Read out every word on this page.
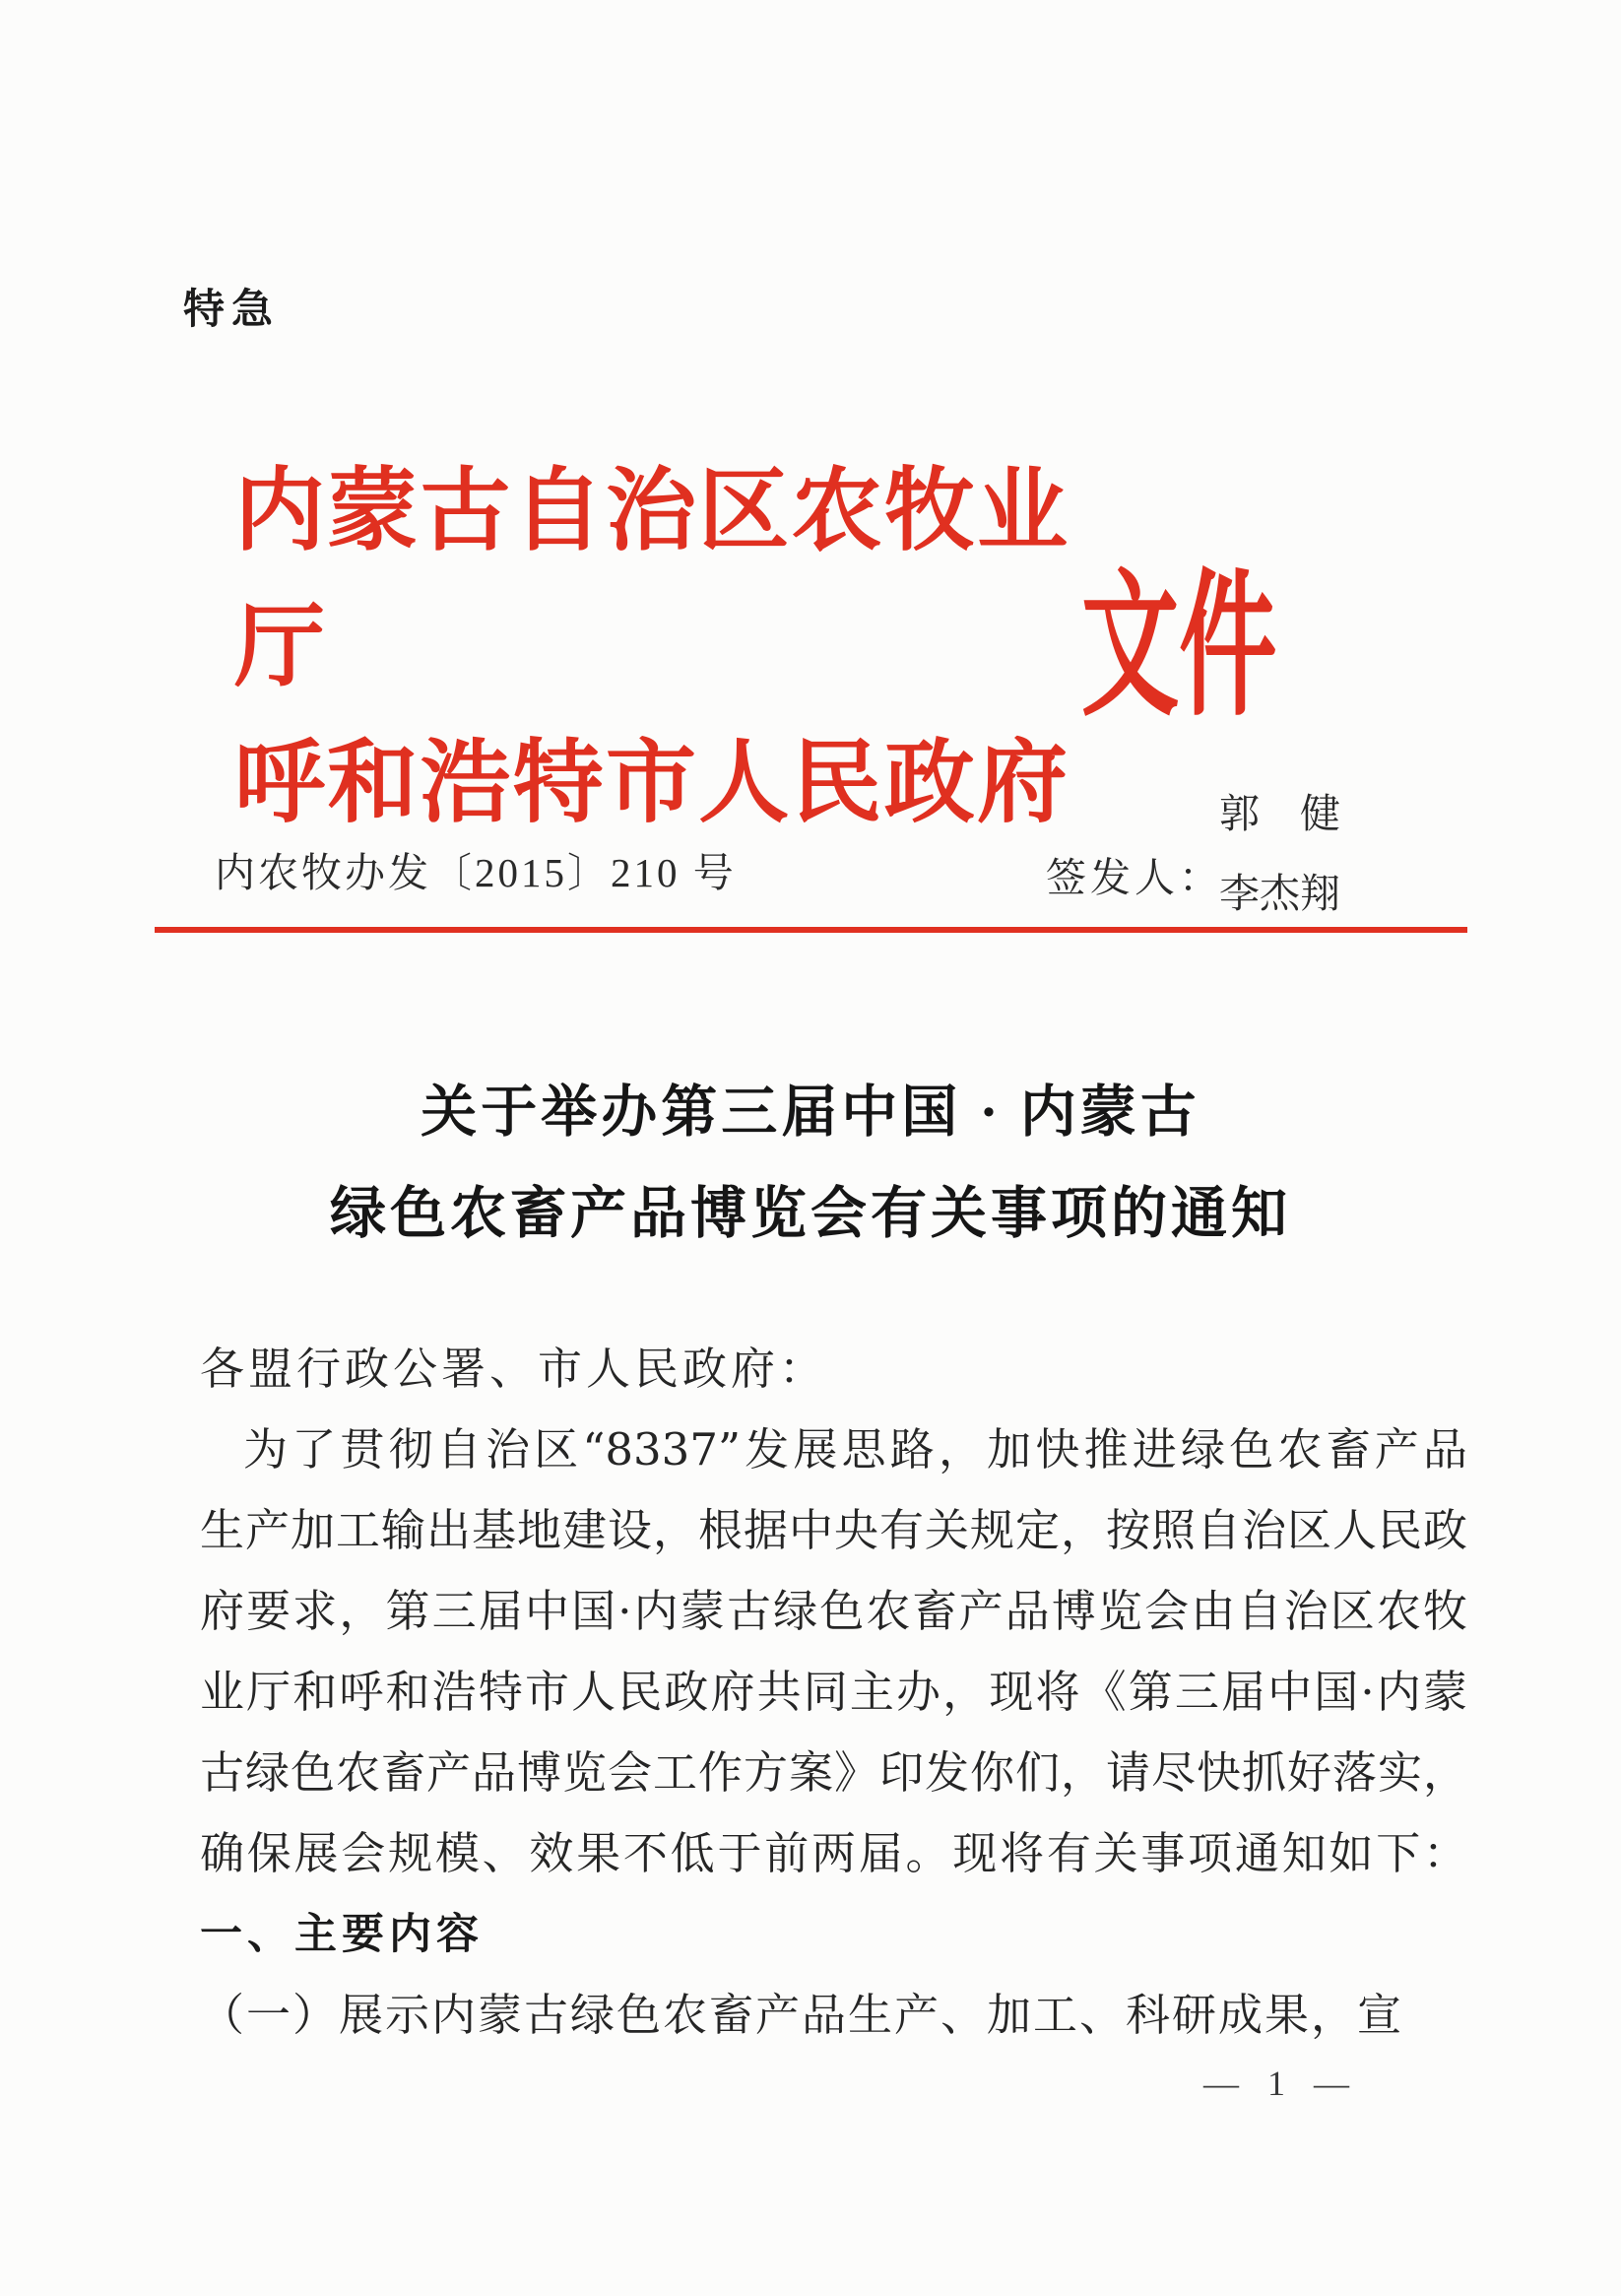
特急
内蒙古自治区农牧业厅
呼和浩特市人民政府
文件
内农牧办发〔2015〕210 号	签发人：
郭　健
李杰翔
关于举办第三届中国 · 内蒙古
绿色农畜产品博览会有关事项的通知
各盟行政公署、市人民政府：
为了贯彻自治区“8337”发展思路，加快推进绿色农畜产品
生产加工输出基地建设，根据中央有关规定，按照自治区人民政
府要求，第三届中国·内蒙古绿色农畜产品博览会由自治区农牧
业厅和呼和浩特市人民政府共同主办，现将《第三届中国·内蒙
古绿色农畜产品博览会工作方案》印发你们，请尽快抓好落实，
确保展会规模、效果不低于前两届。现将有关事项通知如下：
一、主要内容
（一）展示内蒙古绿色农畜产品生产、加工、科研成果，宣
— 1 —
